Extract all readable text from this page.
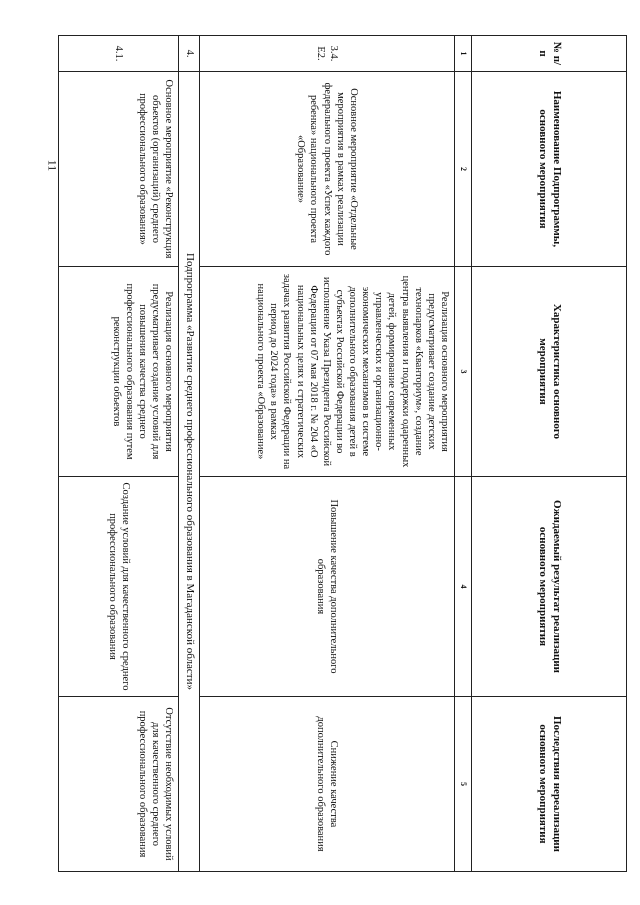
11
№ п/п	Наименование Подпрограммы, основного мероприятия	Характеристика основного мероприятия	Ожидаемый результат реализации основного мероприятия	Последствия нереализации основного мероприятия
1	2	3	4	5
3.4. Е2.	Основное мероприятие «Отдельные мероприятия в рамках реализации федерального проекта «Успех каждого ребенка» национального проекта «Образование»	Реализация основного мероприятия предусматривает создание детских технопарков «Кванториум», создание центра выявления и поддержки одаренных детей, формирование современных управленческих и организационно-экономических механизмов в системе дополнительного образования детей в субъектах Российской Федерации во исполнение Указа Президента Российской Федерации от 07 мая 2018 г. № 204 «О национальных целях и стратегических задачах развития Российской Федерации на период до 2024 года» в рамках национального проекта «Образование»	Повышение качества дополнительного образования	Снижение качества дополнительного образования
4.	Подпрограмма «Развитие среднего профессионального образования в Магаданской области»			
4.1.	Основное мероприятие «Реконструкция объектов (организаций) среднего профессионального образования»	Реализация основного мероприятия предусматривает создание условий для повышения качества среднего профессионального образования путем реконструкции объектов	Создание условий для качественного среднего профессионального образования	Отсутствие необходимых условий для качественного среднего профессионального образования
